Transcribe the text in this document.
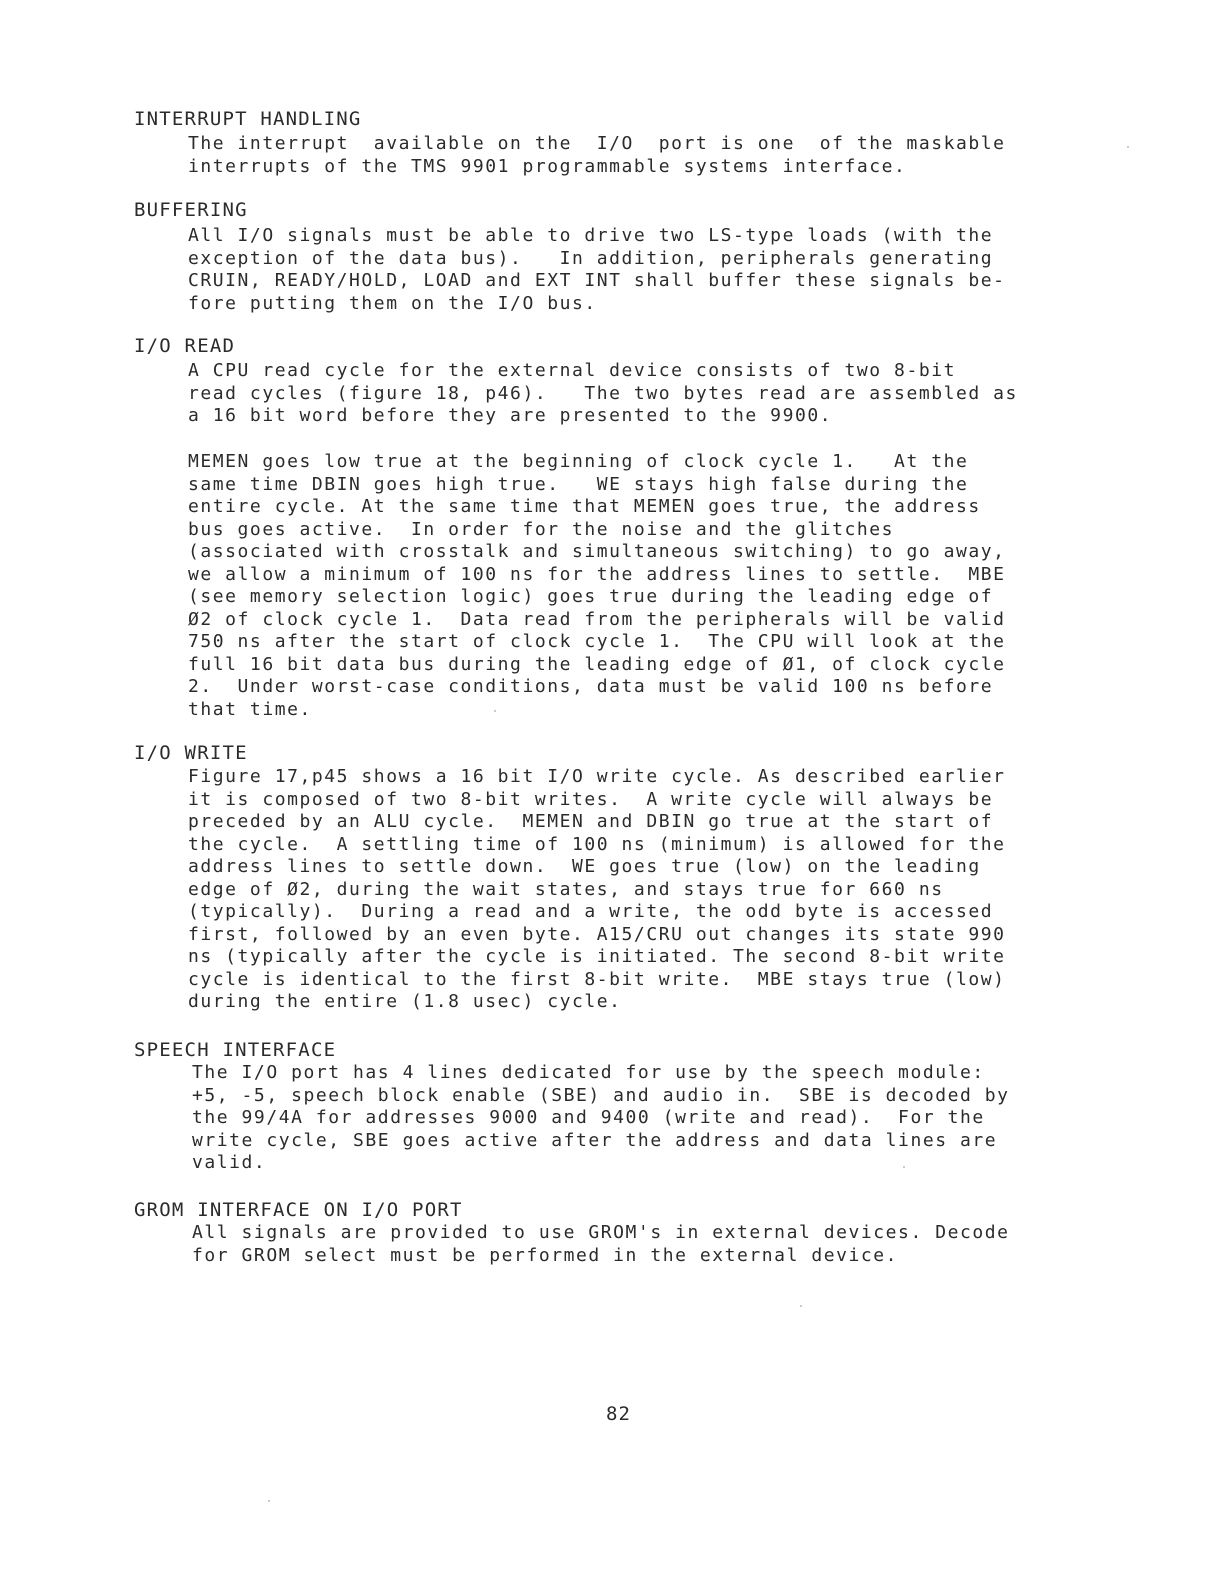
INTERRUPT HANDLING
The interrupt  available on the  I/O  port is one  of the maskable
interrupts of the TMS 9901 programmable systems interface.
BUFFERING
All I/O signals must be able to drive two LS-type loads (with the
exception of the data bus).   In addition, peripherals generating
CRUIN, READY/HOLD, LOAD and EXT INT shall buffer these signals be-
fore putting them on the I/O bus.
I/O READ
A CPU read cycle for the external device consists of two 8-bit
read cycles (figure 18, p46).   The two bytes read are assembled as
a 16 bit word before they are presented to the 9900.
MEMEN goes low true at the beginning of clock cycle 1.   At the
same time DBIN goes high true.   WE stays high false during the
entire cycle. At the same time that MEMEN goes true, the address
bus goes active.  In order for the noise and the glitches
(associated with crosstalk and simultaneous switching) to go away,
we allow a minimum of 100 ns for the address lines to settle.  MBE
(see memory selection logic) goes true during the leading edge of
Ø2 of clock cycle 1.  Data read from the peripherals will be valid
750 ns after the start of clock cycle 1.  The CPU will look at the
full 16 bit data bus during the leading edge of Ø1, of clock cycle
2.  Under worst-case conditions, data must be valid 100 ns before
that time.
I/O WRITE
Figure 17,p45 shows a 16 bit I/O write cycle. As described earlier
it is composed of two 8-bit writes.  A write cycle will always be
preceded by an ALU cycle.  MEMEN and DBIN go true at the start of
the cycle.  A settling time of 100 ns (minimum) is allowed for the
address lines to settle down.  WE goes true (low) on the leading
edge of Ø2, during the wait states, and stays true for 660 ns
(typically).  During a read and a write, the odd byte is accessed
first, followed by an even byte. A15/CRU out changes its state 990
ns (typically after the cycle is initiated. The second 8-bit write
cycle is identical to the first 8-bit write.  MBE stays true (low)
during the entire (1.8 usec) cycle.
SPEECH INTERFACE
The I/O port has 4 lines dedicated for use by the speech module:
+5, -5, speech block enable (SBE) and audio in.  SBE is decoded by
the 99/4A for addresses 9000 and 9400 (write and read).  For the
write cycle, SBE goes active after the address and data lines are
valid.
GROM INTERFACE ON I/O PORT
All signals are provided to use GROM's in external devices. Decode
for GROM select must be performed in the external device.
82
